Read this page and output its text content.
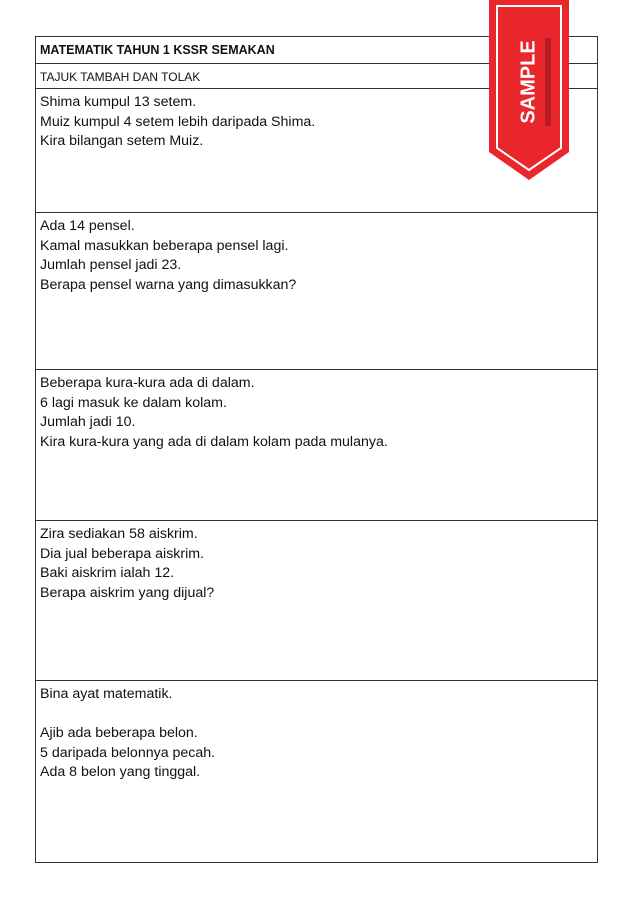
MATEMATIK TAHUN 1 KSSR SEMAKAN
TAJUK TAMBAH DAN TOLAK
Shima kumpul 13 setem.
Muiz kumpul 4 setem lebih daripada Shima.
Kira bilangan setem Muiz.
Ada 14 pensel.
Kamal masukkan beberapa pensel lagi.
Jumlah pensel jadi 23.
Berapa pensel warna yang dimasukkan?
Beberapa kura-kura ada di dalam.
6 lagi masuk ke dalam kolam.
Jumlah jadi 10.
Kira kura-kura yang ada di dalam kolam pada mulanya.
Zira sediakan 58 aiskrim.
Dia jual beberapa aiskrim.
Baki aiskrim ialah 12.
Berapa aiskrim yang dijual?
Bina ayat matematik.
Ajib ada beberapa belon.
5 daripada belonnya pecah.
Ada 8 belon yang tinggal.
SAMPLE
